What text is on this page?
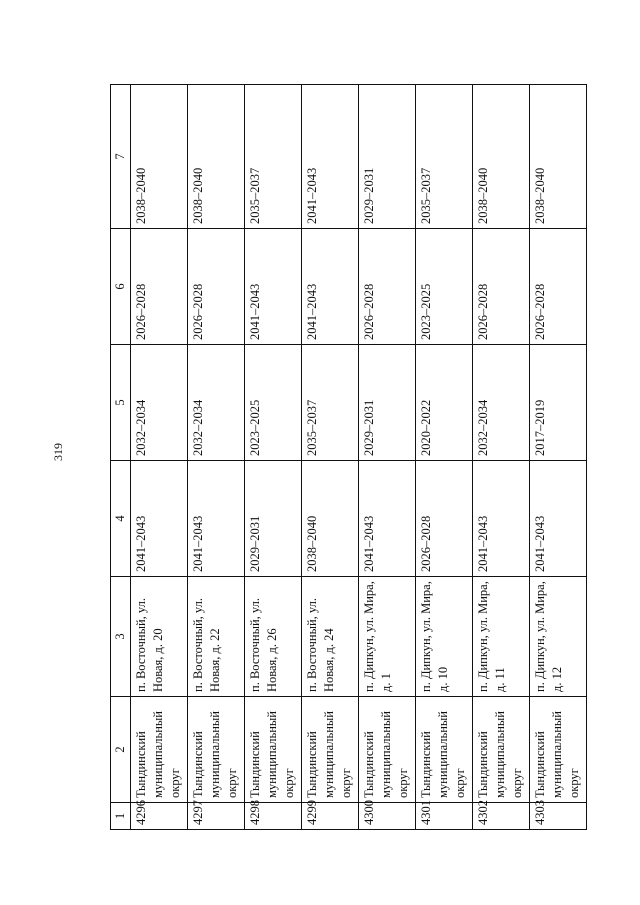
319
1	2	3	4	5	6	7
4296	Тындинский муниципальный округ	п. Восточный, ул. Новая, д. 20	2041–2043	2032–2034	2026–2028	2038–2040
4297	Тындинский муниципальный округ	п. Восточный, ул. Новая, д. 22	2041–2043	2032–2034	2026–2028	2038–2040
4298	Тындинский муниципальный округ	п. Восточный, ул. Новая, д. 26	2029–2031	2023–2025	2041–2043	2035–2037
4299	Тындинский муниципальный округ	п. Восточный, ул. Новая, д. 24	2038–2040	2035–2037	2041–2043	2041–2043
4300	Тындинский муниципальный округ	п. Дипкун, ул. Мира, д. 1	2041–2043	2029–2031	2026–2028	2029–2031
4301	Тындинский муниципальный округ	п. Дипкун, ул. Мира, д. 10	2026–2028	2020–2022	2023–2025	2035–2037
4302	Тындинский муниципальный округ	п. Дипкун, ул. Мира, д. 11	2041–2043	2032–2034	2026–2028	2038–2040
4303	Тындинский муниципальный округ	п. Дипкун, ул. Мира, д. 12	2041–2043	2017–2019	2026–2028	2038–2040
